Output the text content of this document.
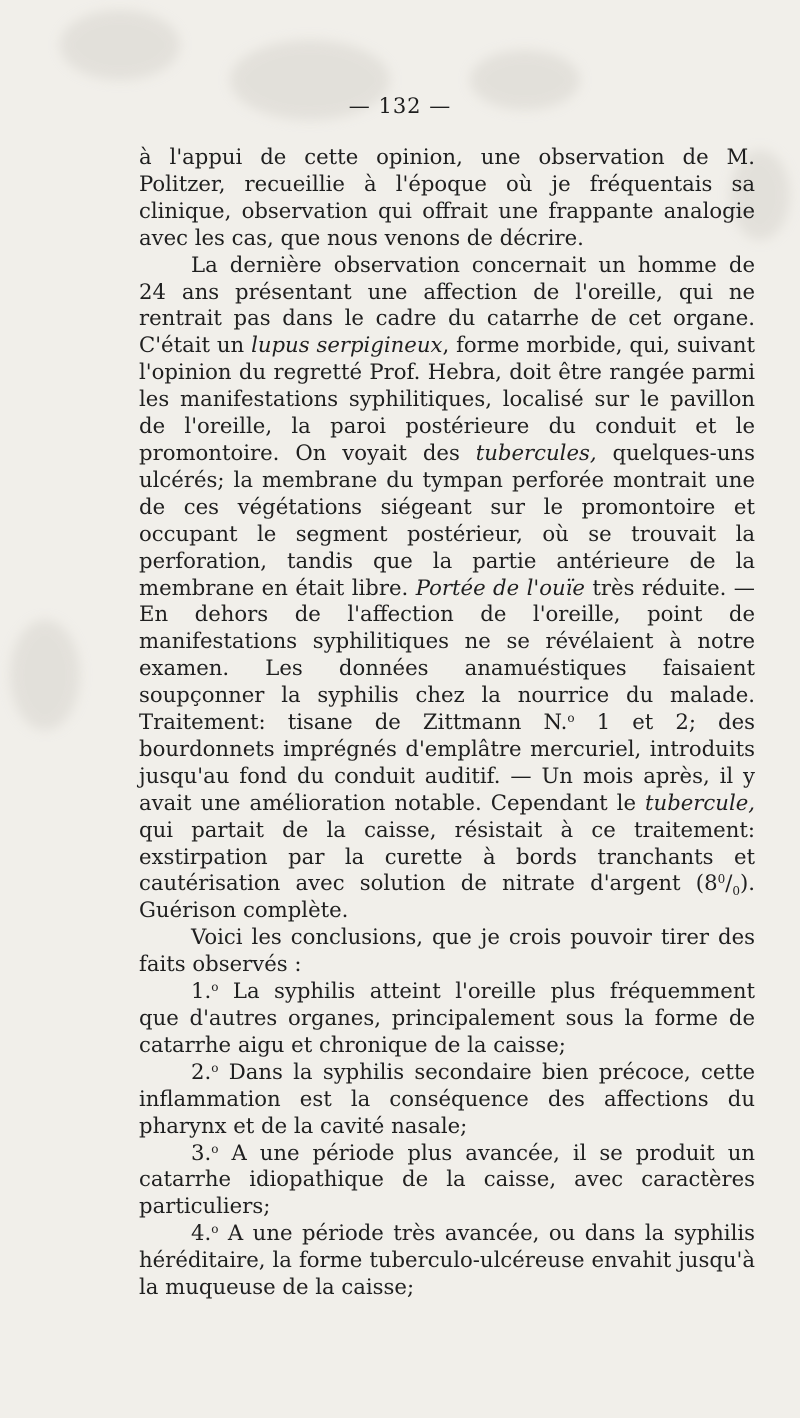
— 132 —

à l'appui de cette opinion, une observation de M. Politzer, recueillie à l'époque où je fréquentais sa clinique, observation qui offrait une frappante analogie avec les cas, que nous venons de décrire.

La dernière observation concernait un homme de 24 ans présentant une affection de l'oreille, qui ne rentrait pas dans le cadre du catarrhe de cet organe. C'était un lupus serpigineux, forme morbide, qui, suivant l'opinion du regretté Prof. Hebra, doit être rangée parmi les manifestations syphilitiques, localisé sur le pavillon de l'oreille, la paroi postérieure du conduit et le promontoire. On voyait des tubercules, quelques-uns ulcérés; la membrane du tympan perforée montrait une de ces végétations siégeant sur le promontoire et occupant le segment postérieur, où se trouvait la perforation, tandis que la partie antérieure de la membrane en était libre. Portée de l'ouïe très réduite. — En dehors de l'affection de l'oreille, point de manifestations syphilitiques ne se révélaient à notre examen. Les données anamuéstiques faisaient soupçonner la syphilis chez la nourrice du malade. Traitement: tisane de Zittmann N.$^o$ 1 et 2; des bourdonnets imprégnés d'emplâtre mercuriel, introduits jusqu'au fond du conduit auditif. — Un mois après, il y avait une amélioration notable. Cependant le tubercule, qui partait de la caisse, résistait à ce traitement: exstirpation par la curette à bords tranchants et cautérisation avec solution de nitrate d'argent $(8^0/_0)$. Guérison complète.

Voici les conclusions, que je crois pouvoir tirer des faits observés :

1.$^o$ La syphilis atteint l'oreille plus fréquemment que d'autres organes, principalement sous la forme de catarrhe aigu et chronique de la caisse;

2.$^o$ Dans la syphilis secondaire bien précoce, cette inflammation est la conséquence des affections du pharynx et de la cavité nasale;

3.$^o$ A une période plus avancée, il se produit un catarrhe idiopathique de la caisse, avec caractères particuliers;

4.$^o$ A une période très avancée, ou dans la syphilis héréditaire, la forme tuberculo-ulcéreuse envahit jusqu'à la muqueuse de la caisse;
